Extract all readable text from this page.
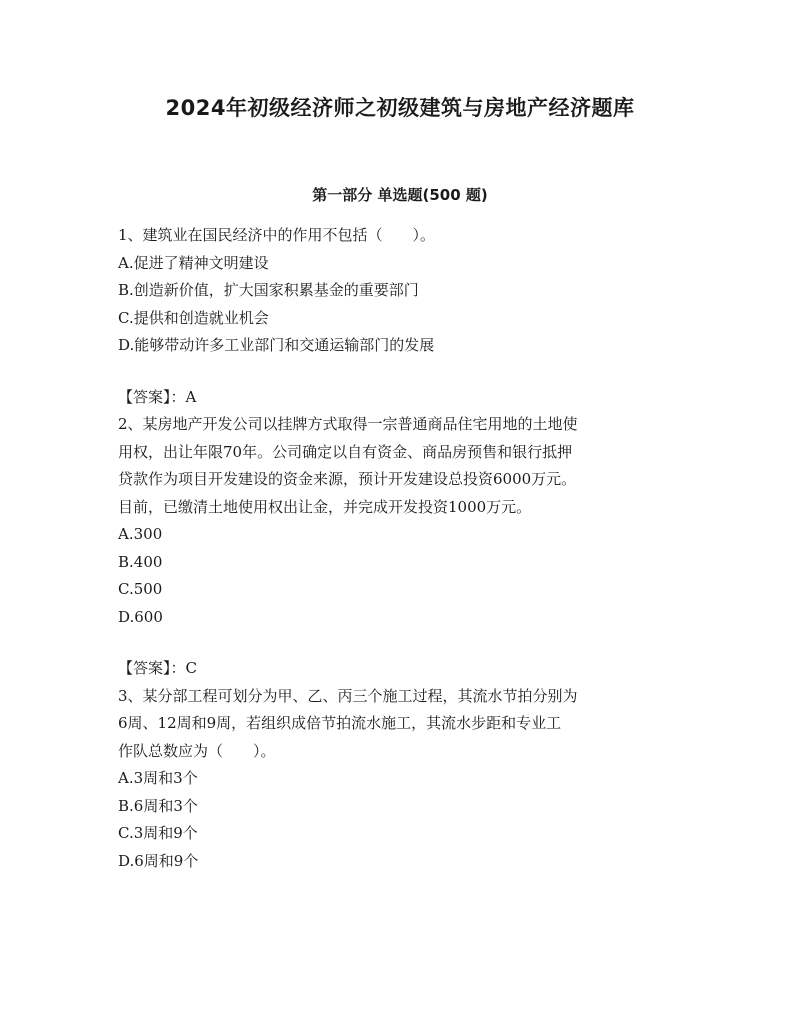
2024年初级经济师之初级建筑与房地产经济题库
第一部分 单选题(500 题)
1、建筑业在国民经济中的作用不包括（　　）。
A.促进了精神文明建设
B.创造新价值，扩大国家积累基金的重要部门
C.提供和创造就业机会
D.能够带动许多工业部门和交通运输部门的发展
【答案】：A
2、某房地产开发公司以挂牌方式取得一宗普通商品住宅用地的土地使
用权，出让年限70年。公司确定以自有资金、商品房预售和银行抵押
贷款作为项目开发建设的资金来源，预计开发建设总投资6000万元。
目前，已缴清土地使用权出让金，并完成开发投资1000万元。
A.300
B.400
C.500
D.600
【答案】：C
3、某分部工程可划分为甲、乙、丙三个施工过程，其流水节拍分别为
6周、12周和9周，若组织成倍节拍流水施工，其流水步距和专业工
作队总数应为（　　）。
A.3周和3个
B.6周和3个
C.3周和9个
D.6周和9个
